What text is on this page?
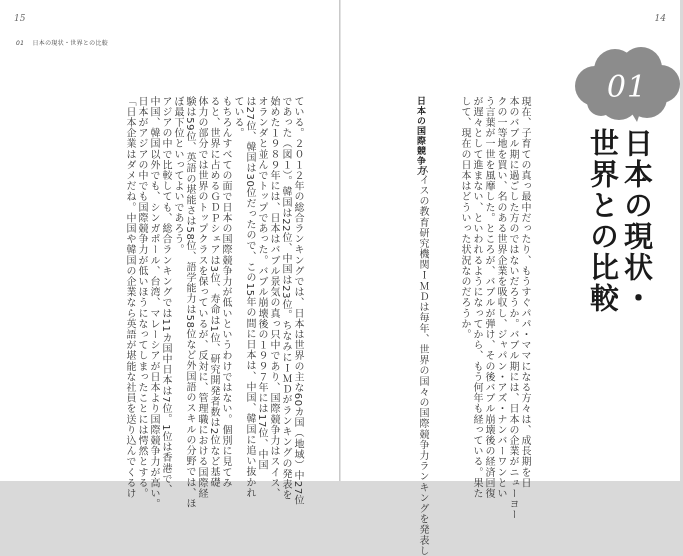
15
01 日本の現状・世界との比較
ている。２０１２年の総合ランキングでは、日本は世界の主な60カ国（地域）中27位
であった（図１）。韓国は22位、中国は23位。ちなみにＩＭＤがランキングの発表を
始めた１９８９年には、日本はバブル景気の真っ只中であり、国際競争力はスイス、
オランダと並んでトップであった。バブル崩壊後の１９９７年には17位、中国
は27位、韓国は30位だったので、この15年の間に日本は、中国、韓国に追い抜かれ
ている。
もちろんすべての面で日本の国際競争力が低いというわけではない。個別に見てみ
ると、世界に占めるＧＤＰシェアは3位、寿命は1位、研究開発者数は2位など基礎
体力の部分では世界のトップクラスを保っているが、反対に、管理職における国際経
験は59位、英語の堪能さは58位、語学能力は58位など外国語のスキルの分野では、ほ
ぼ最下位といってよいであろう。
アジアの中で比較しても、総合ランキングでは11カ国中日本は7位。1位は香港で、
中国、韓国以外でも、シンガポール、台湾、マレーシアが日本より国際競争力が高い。
日本がアジアの中でも国際競争力が低いほうになってしまったことには愕然とする。
「日本企業はダメだね。中国や韓国の企業なら英語が堪能な社員を送り込んでくるけ
14
01
日本の現状・
世界との比較
現在、子育ての真っ最中だったり、もうすぐパパ・ママになる方々は、成長期を日
本のバブル期に過ごした方のではないだろうか。バブル期には、日本の企業がニューヨー
クの一等地を買い、名のある世界企業を吸収し、ジャパン・アズ・ナンバーワンとい
う言葉が一世を風靡した。ところが、バブルが弾け、その後バブル崩壊後の経済回復
が遅々として進まない、といわれるようになってから、もう何年も経っている。果た
して、現在の日本はどういった状況なのだろうか。
日本の国際競争力
スイスの教育研究機関ＩＭＤは毎年、世界の国々の国際競争力ランキングを発表し
